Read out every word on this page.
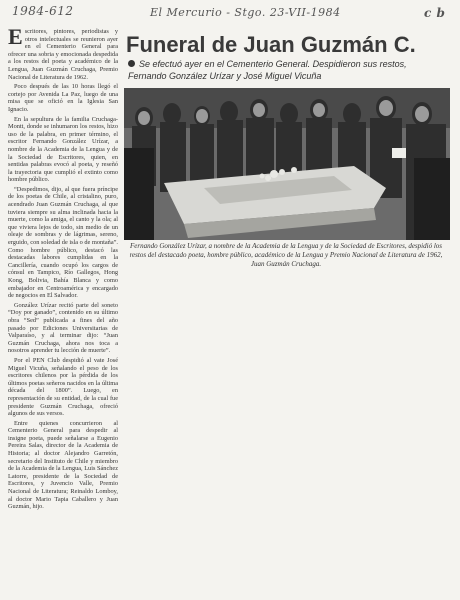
1984-612	El Mercurio - Stgo. 23-VII-1984	c b
E scritores, pintores, periodistas y otros intelectuales se reunieron ayer en el Cementerio General para ofrecer una sobria y emocionada despedida a los restos del poeta y académico de la Lengua, Juan Guzmán Cruchaga, Premio Nacional de Literatura de 1962.

Poco después de las 10 horas llegó el cortejo por Avenida La Paz, luego de una misa que se ofició en la Iglesia San Ignacio.

En la sepultura de la familia Cruchaga-Montt, donde se inhumaron los restos, hizo uso de la palabra, en primer término, el escritor Fernando González Urízar, a nombre de la Academia de la Lengua y de la Sociedad de Escritores, quien, en sentidas palabras evocó al poeta, y reseñó la trayectoria que cumplió el extinto como hombre público.

“Despedimos, dijo, al que fuera príncipe de los poetas de Chile, al cristalino, puro, acendrado Juan Guzmán Cruchaga, al que tuviera siempre su alma inclinada hacia la muerte, como la amiga, el canto y la ola; al que viviera lejos de todo, sin medio de un oleaje de sombras y de lágrimas, sereno, erguido, con soledad de isla o de montaña”. Como hombre público, destacó las destacadas labores cumplidas en la Cancillería, cuando ocupó los cargos de cónsul en Tampico, Río Gallegos, Hong Kong, Bolivia, Bahía Blanca y como embajador en Centroamérica y encargado de negocios en El Salvador.

González Urízar recitó parte del soneto “Doy por ganado”, contenido en su último obra “Sed” publicada a fines del año pasado por Ediciones Universitarias de Valparaíso, y al terminar dijo: “Juan Guzmán Cruchaga, ahora nos toca a nosotros aprender tu lección de muerte”.

Por el PEN Club despidió al vate José Miguel Vicuña, señalando el peso de los escritores chilenos por la pérdida de los últimos poetas señeros nacidos en la última década del 1800”. Luego, en representación de su entidad, de la cual fue presidente Guzmán Cruchaga, ofreció algunos de sus versos.

Entre quienes concurrieron al Cementerio General para despedir al insigne poeta, puede señalarse a Eugenio Pereira Salas, director de la Academia de Historia; al doctor Alejandro Garretón, secretario del Instituto de Chile y miembro de la Academia de la Lengua, Luis Sánchez Latorre, presidente de la Sociedad de Escritores, y Juvencio Valle, Premio Nacional de Literatura; Reinaldo Lomboy, al doctor Mario Tapia Caballero y Juan Guzmán, hijo.

Funeral de Juan Guzmán C.
Se efectuó ayer en el Cementerio General. Despidieron sus restos, Fernando González Urízar y José Miguel Vicuña
Fernando González Urízar, a nombre de la Academia de la Lengua y de la Sociedad de Escritores, despidió los restos del destacado poeta, hombre público, académico de la Lengua y Premio Nacional de Literatura de 1962, Juan Guzmán Cruchaga.
